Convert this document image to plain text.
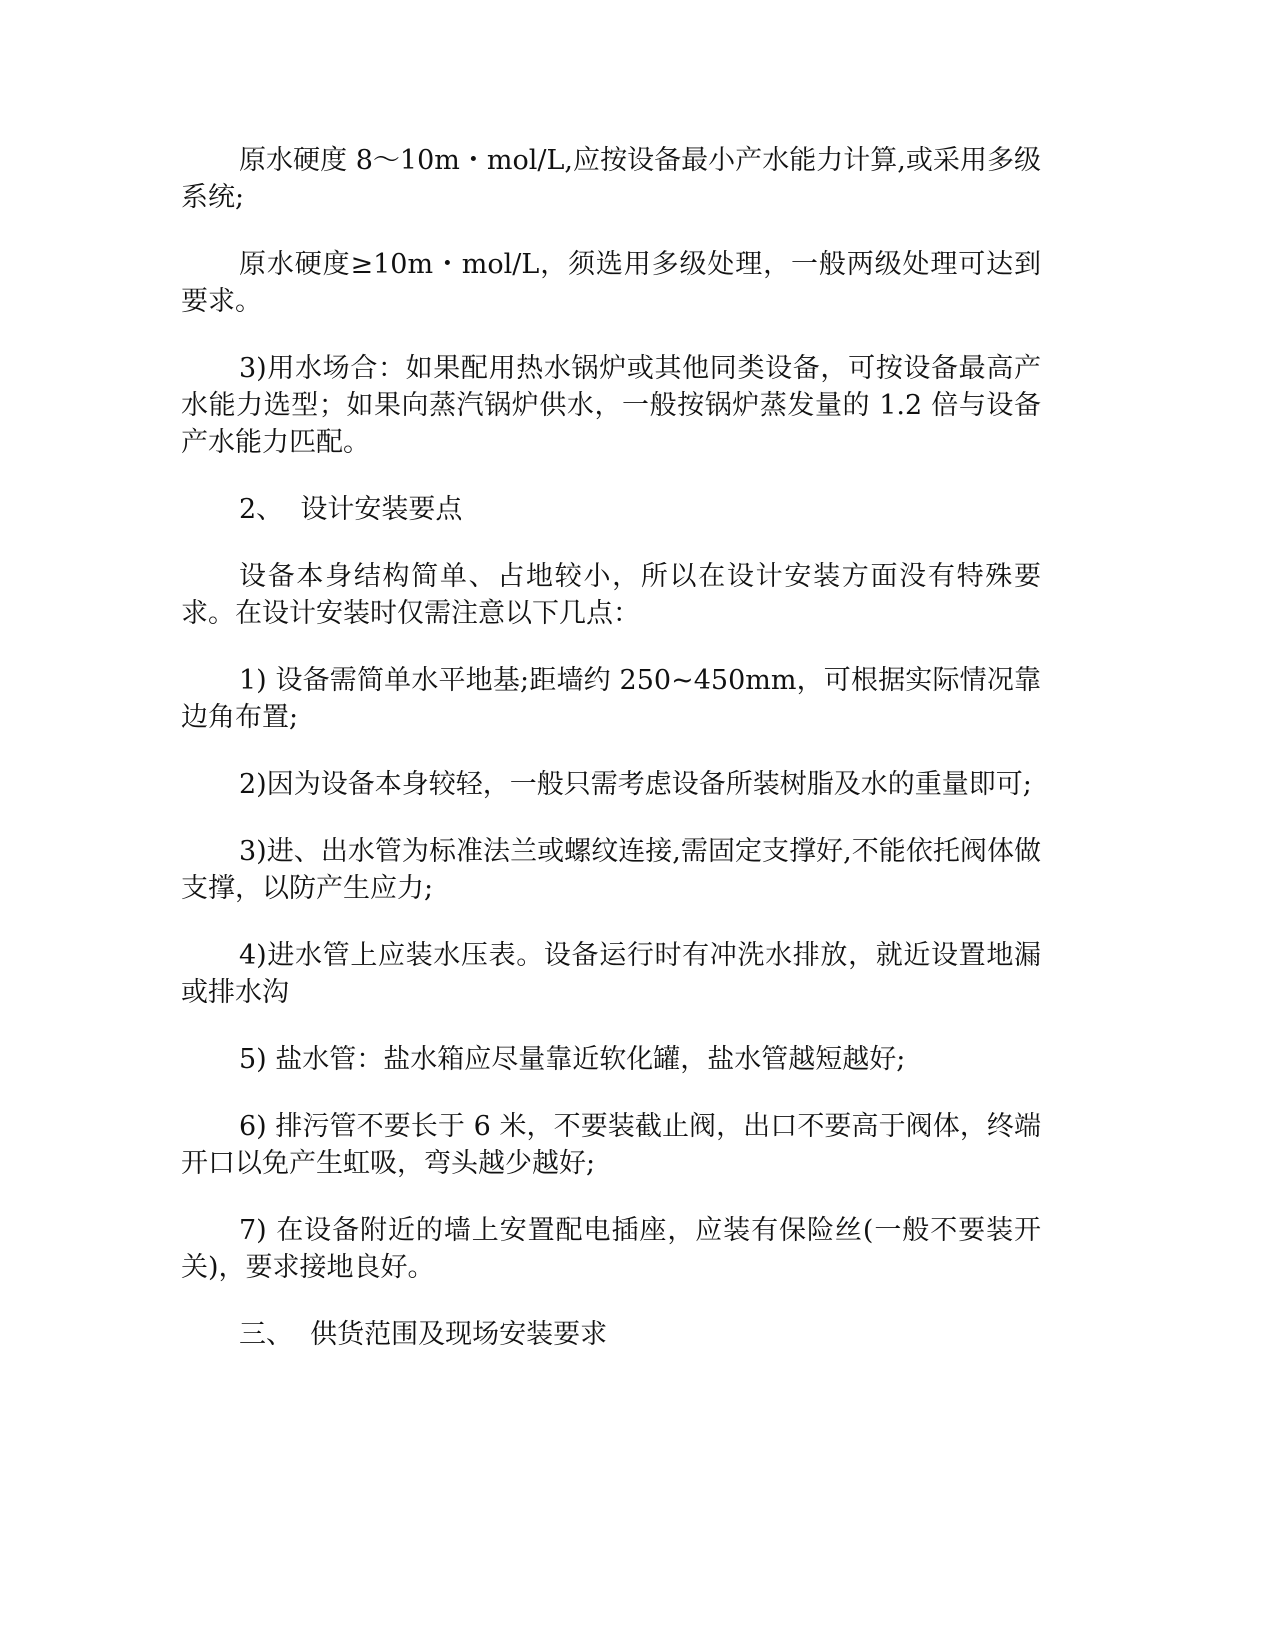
原水硬度 8～10m・mol/L,应按设备最小产水能力计算,或采用多级系统;

原水硬度≥10m・mol/L，须选用多级处理，一般两级处理可达到要求。

3)用水场合：如果配用热水锅炉或其他同类设备，可按设备最高产水能力选型；如果向蒸汽锅炉供水，一般按锅炉蒸发量的 1.2 倍与设备产水能力匹配。

2、  设计安装要点

设备本身结构简单、占地较小，所以在设计安装方面没有特殊要求。在设计安装时仅需注意以下几点：

1) 设备需简单水平地基;距墙约 250~450mm，可根据实际情况靠边角布置;

2)因为设备本身较轻，一般只需考虑设备所装树脂及水的重量即可;

3)进、出水管为标准法兰或螺纹连接,需固定支撑好,不能依托阀体做支撑，以防产生应力;

4)进水管上应装水压表。设备运行时有冲洗水排放，就近设置地漏或排水沟

5) 盐水管：盐水箱应尽量靠近软化罐，盐水管越短越好;

6) 排污管不要长于 6 米，不要装截止阀，出口不要高于阀体，终端开口以免产生虹吸，弯头越少越好;

7) 在设备附近的墙上安置配电插座，应装有保险丝(一般不要装开关)，要求接地良好。

三、  供货范围及现场安装要求
